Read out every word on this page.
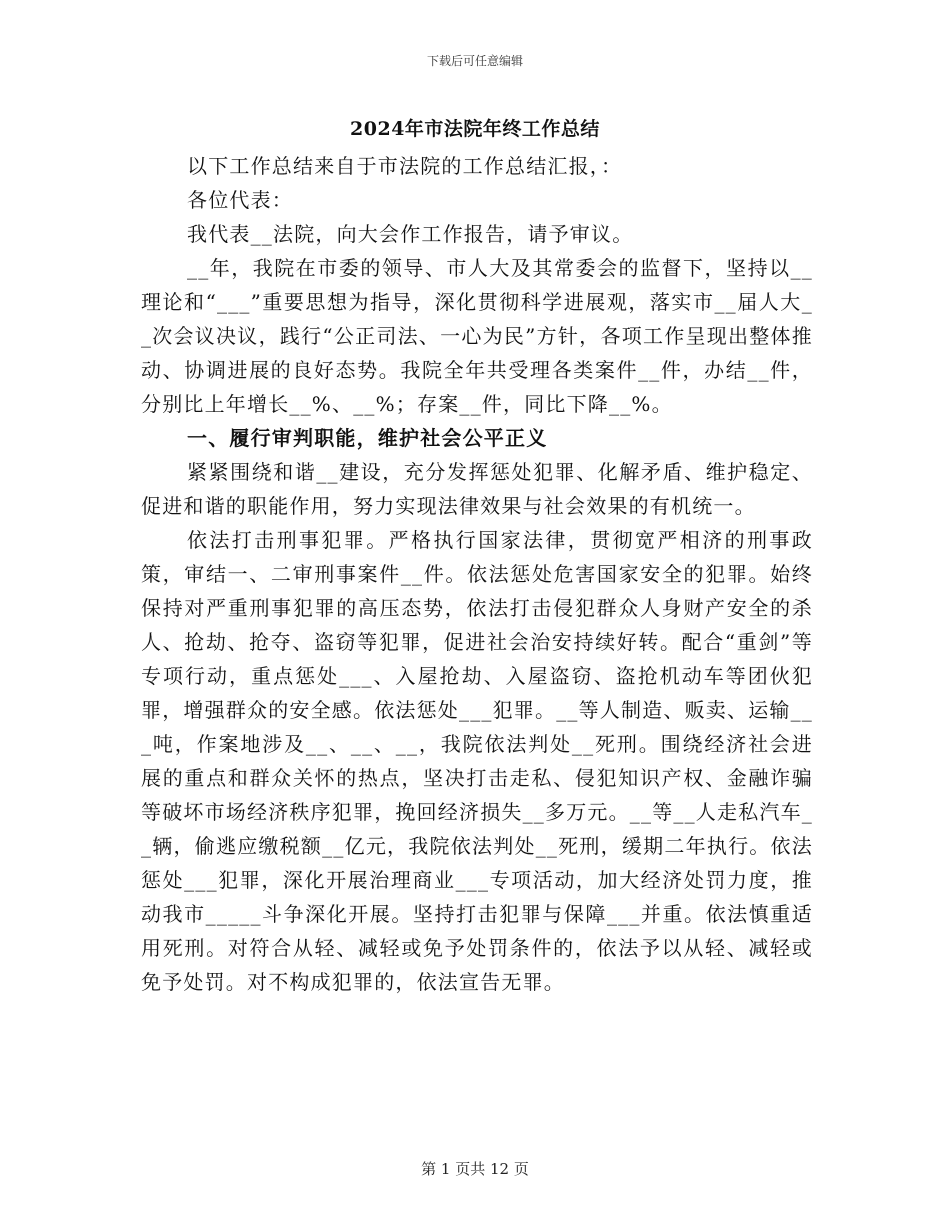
下载后可任意编辑
2024年市法院年终工作总结

以下工作总结来自于市法院的工作总结汇报，：

各位代表：

我代表__法院，向大会作工作报告，请予审议。

__年，我院在市委的领导、市人大及其常委会的监督下，坚持以__理论和“___”重要思想为指导，深化贯彻科学进展观，落实市__届人大__次会议决议，践行“公正司法、一心为民”方针，各项工作呈现出整体推动、协调进展的良好态势。我院全年共受理各类案件__件，办结__件，分别比上年增长__%、__%；存案__件，同比下降__%。

一、履行审判职能，维护社会公平正义

紧紧围绕和谐__建设，充分发挥惩处犯罪、化解矛盾、维护稳定、促进和谐的职能作用，努力实现法律效果与社会效果的有机统一。

依法打击刑事犯罪。严格执行国家法律，贯彻宽严相济的刑事政策，审结一、二审刑事案件__件。依法惩处危害国家安全的犯罪。始终保持对严重刑事犯罪的高压态势，依法打击侵犯群众人身财产安全的杀人、抢劫、抢夺、盗窃等犯罪，促进社会治安持续好转。配合“重剑”等专项行动，重点惩处___、入屋抢劫、入屋盗窃、盗抢机动车等团伙犯罪，增强群众的安全感。依法惩处___犯罪。__等人制造、贩卖、运输___吨，作案地涉及__、__、__，我院依法判处__死刑。围绕经济社会进展的重点和群众关怀的热点，坚决打击走私、侵犯知识产权、金融诈骗等破坏市场经济秩序犯罪，挽回经济损失__多万元。__等__人走私汽车__辆，偷逃应缴税额__亿元，我院依法判处__死刑，缓期二年执行。依法惩处___犯罪，深化开展治理商业___专项活动，加大经济处罚力度，推动我市_____斗争深化开展。坚持打击犯罪与保障___并重。依法慎重适用死刑。对符合从轻、减轻或免予处罚条件的，依法予以从轻、减轻或免予处罚。对不构成犯罪的，依法宣告无罪。

第 1 页共 12 页
